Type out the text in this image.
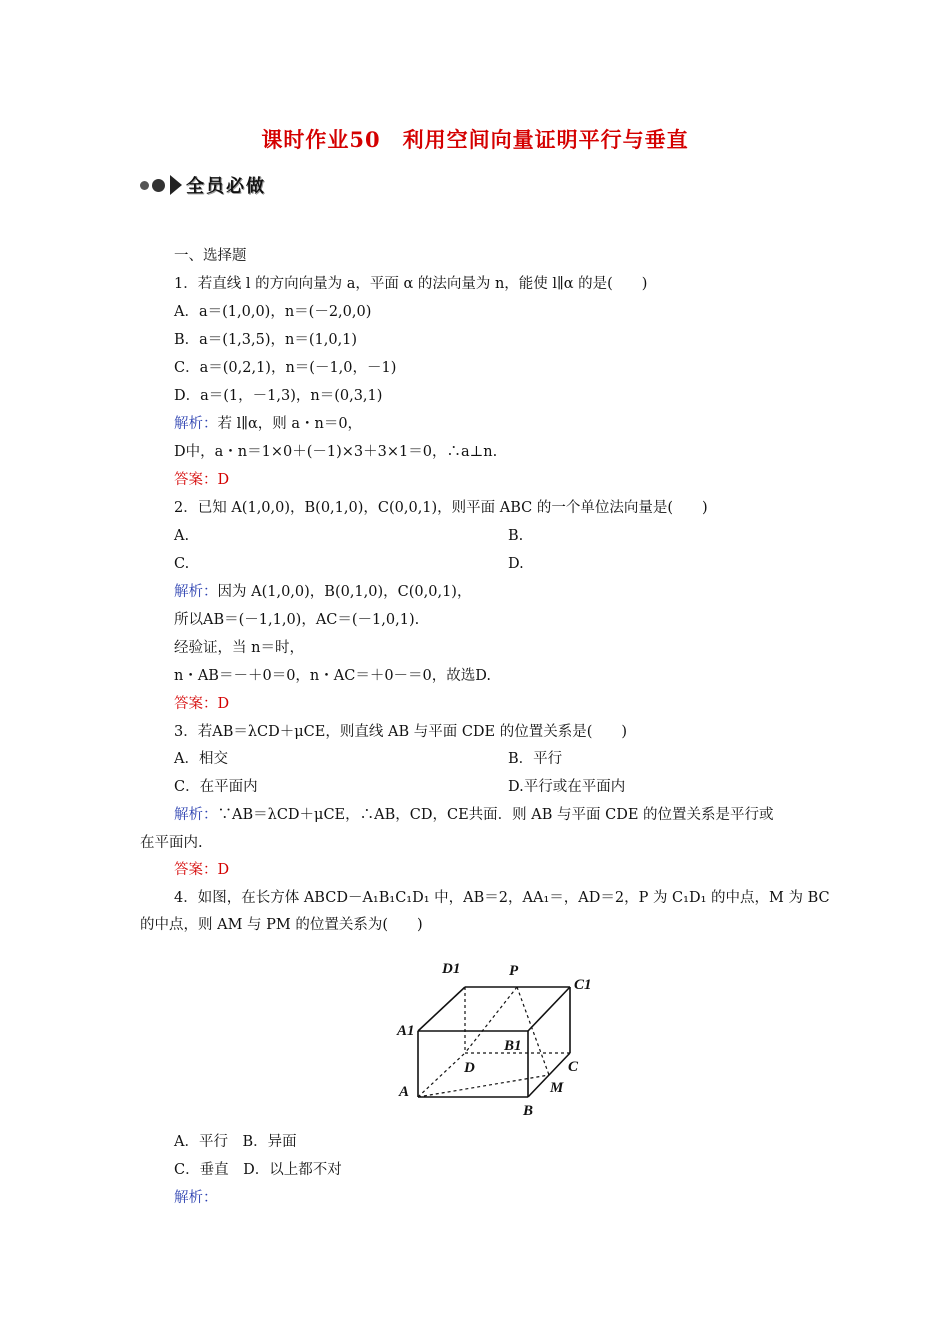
课时作业50　利用空间向量证明平行与垂直
全员必做
一、选择题
1．若直线 l 的方向向量为 a，平面 α 的法向量为 n，能使 l∥α 的是(　　)
A．a＝(1,0,0)，n＝(－2,0,0)
B．a＝(1,3,5)，n＝(1,0,1)
C．a＝(0,2,1)，n＝(－1,0，－1)
D．a＝(1，－1,3)，n＝(0,3,1)
解析：若 l∥α，则 a・n＝0，
D中，a・n＝1×0＋(－1)×3＋3×1＝0，∴a⊥n.
答案：D
2．已知 A(1,0,0)，B(0,1,0)，C(0,0,1)，则平面 ABC 的一个单位法向量是(　　)
A.	B.
C.	D.
解析：因为 A(1,0,0)，B(0,1,0)，C(0,0,1)，
所以AB＝(－1,1,0)，AC＝(－1,0,1).
经验证，当 n＝时，
n・AB＝－＋0＝0，n・AC＝＋0－＝0，故选D.
答案：D
3．若AB＝λCD＋μCE，则直线 AB 与平面 CDE 的位置关系是(　　)
A．相交	B．平行
C．在平面内	D.平行或在平面内
解析：∵AB＝λCD＋μCE，∴AB，CD，CE共面．则 AB 与平面 CDE 的位置关系是平行或
在平面内.
答案：D
4．如图，在长方体 ABCD－A₁B₁C₁D₁ 中，AB＝2，AA₁＝，AD＝2，P 为 C₁D₁ 的中点，M 为 BC
的中点，则 AM 与 PM 的位置关系为(　　)
D1	P
C1
A1
B1
C
D
A	M
B
A．平行　B．异面
C．垂直　D．以上都不对
解析：
